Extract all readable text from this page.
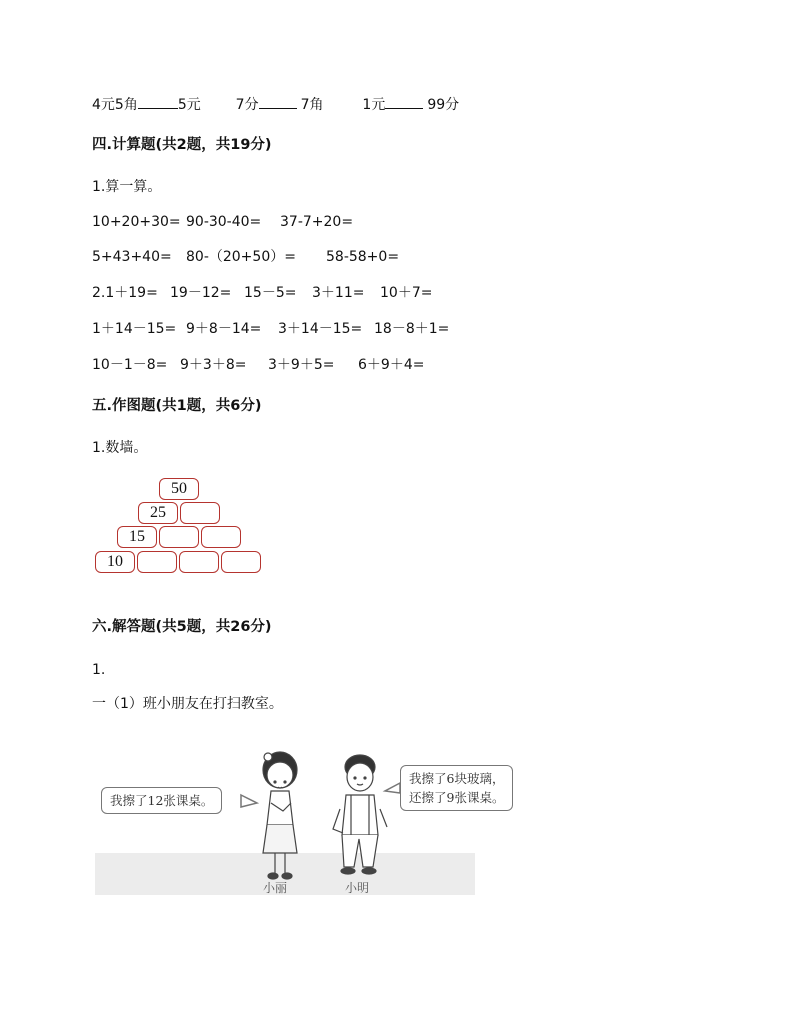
4元5角	5元 7分	7角	1元	99分
四.计算题(共2题，共19分)
1.算一算。
10+20+30= 90-30-40= 37-7+20=
5+43+40= 80-（20+50）= 58-58+0=
2.1＋19= 19－12= 15－5= 3＋11= 10＋7=
1＋14－15= 9＋8－14= 3＋14－15= 18－8＋1=
10－1－8= 9＋3＋8= 3＋9＋5= 6＋9＋4=
五.作图题(共1题，共6分)
1.数墙。
50
25
15
10
六.解答题(共5题，共26分)
1.
一（1）班小朋友在打扫教室。
我擦了12张课桌。
我擦了6块玻璃，
还擦了9张课桌。
小丽	小明
